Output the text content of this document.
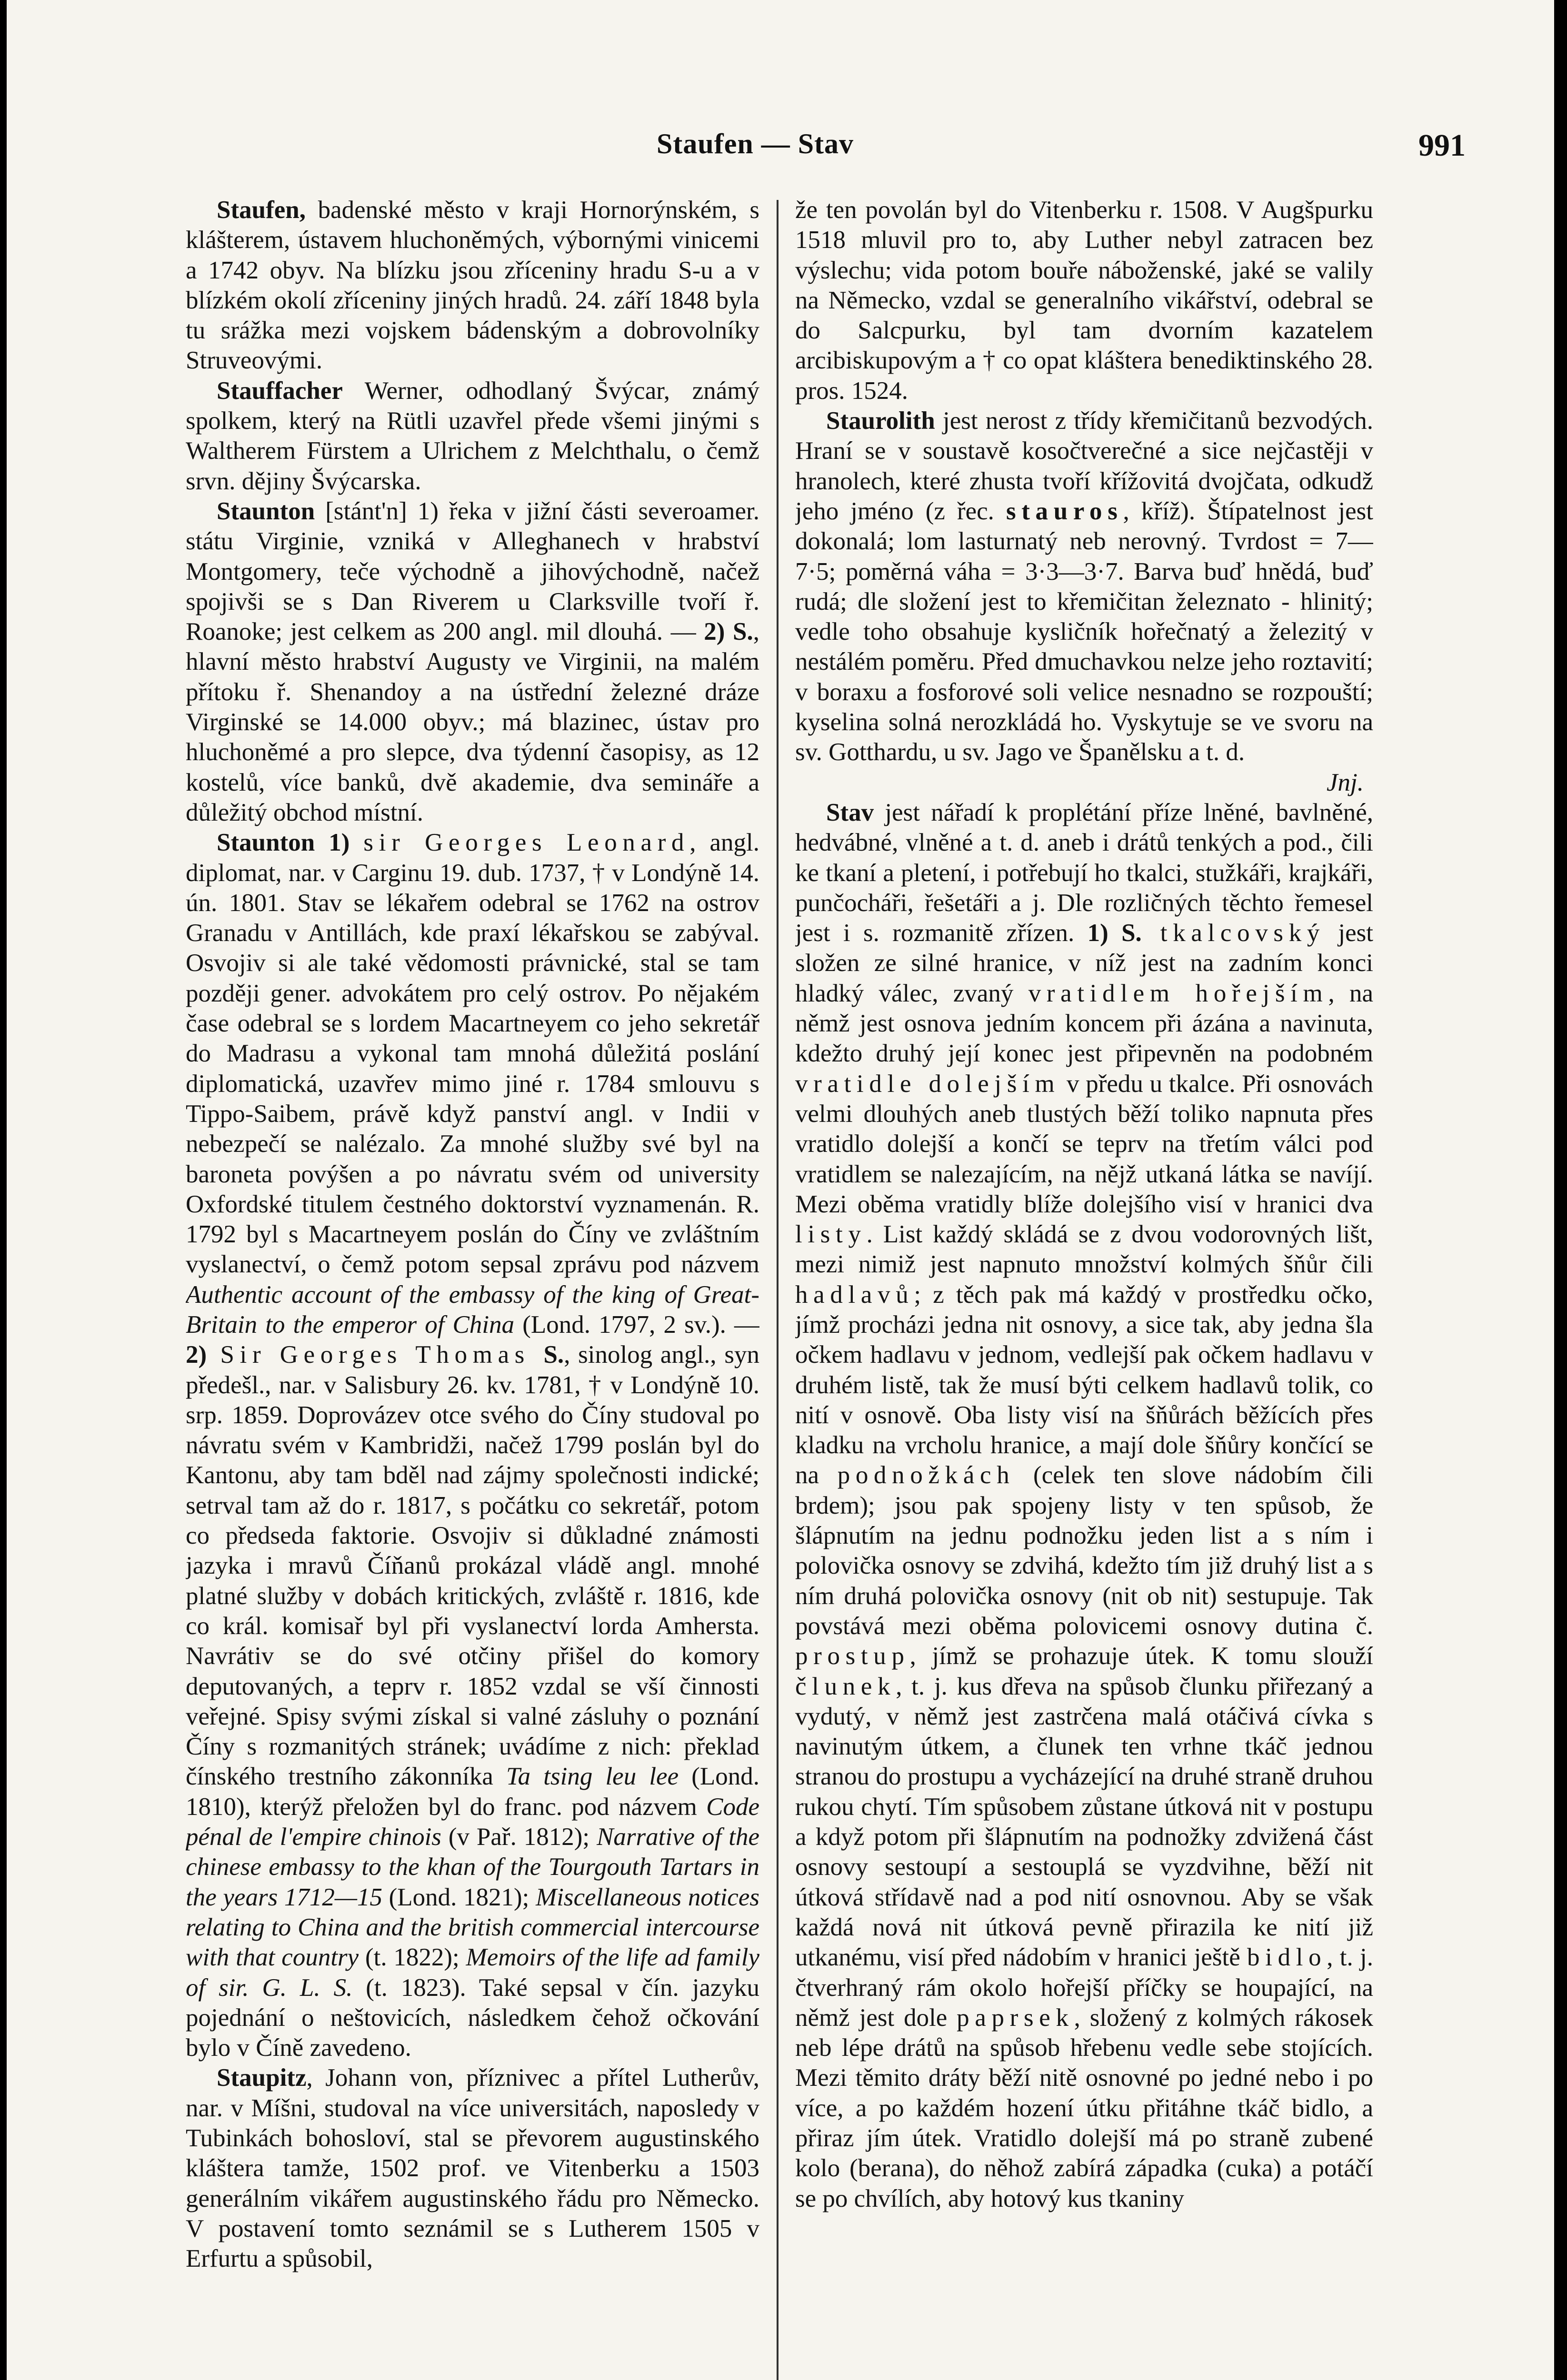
Staufen — Stav	991

Staufen, badenské město v kraji Hornorýnském, s klášterem, ústavem hluchoněmých, výbornými vinicemi a 1742 obyv. Na blízku jsou zříceniny hradu S-u a v blízkém okolí zříceniny jiných hradů. 24. září 1848 byla tu srážka mezi vojskem bádenským a dobrovolníky Struveovými.

Stauffacher Werner, odhodlaný Švýcar, známý spolkem, který na Rütli uzavřel přede všemi jinými s Waltherem Fürstem a Ulrichem z Melchthalu, o čemž srvn. dějiny Švýcarska.

Staunton [stánt'n] 1) řeka v jižní části severoamer. státu Virginie, vzniká v Alleghanech v hrabství Montgomery, teče východně a jihovýchodně, načež spojivši se s Dan Riverem u Clarksville tvoří ř. Roanoke; jest celkem as 200 angl. mil dlouhá. — 2) S., hlavní město hrabství Augusty ve Virginii, na malém přítoku ř. Shenandoy a na ústřední železné dráze Virginské se 14.000 obyv.; má blazinec, ústav pro hluchoněmé a pro slepce, dva týdenní časopisy, as 12 kostelů, více banků, dvě akademie, dva semináře a důležitý obchod místní.

Staunton 1) sir Georges Leonard, angl. diplomat, nar. v Carginu 19. dub. 1737, † v Londýně 14. ún. 1801. Stav se lékařem odebral se 1762 na ostrov Granadu v Antillách, kde praxí lékařskou se zabýval. Osvojiv si ale také vědomosti právnické, stal se tam později gener. advokátem pro celý ostrov. Po nějakém čase odebral se s lordem Macartneyem co jeho sekretář do Madrasu a vykonal tam mnohá důležitá poslání diplomatická, uzavřev mimo jiné r. 1784 smlouvu s Tippo-Saibem, právě když panství angl. v Indii v nebezpečí se nalézalo. Za mnohé služby své byl na baroneta povýšen a po návratu svém od university Oxfordské titulem čestného doktorství vyznamenán. R. 1792 byl s Macartneyem poslán do Číny ve zvláštním vyslanectví, o čemž potom sepsal zprávu pod názvem Authentic account of the embassy of the king of Great-Britain to the emperor of China (Lond. 1797, 2 sv.). — 2) Sir Georges Thomas S., sinolog angl., syn předešl., nar. v Salisbury 26. kv. 1781, † v Londýně 10. srp. 1859. Doprovázev otce svého do Číny studoval po návratu svém v Kambridži, načež 1799 poslán byl do Kantonu, aby tam bděl nad zájmy společnosti indické; setrval tam až do r. 1817, s počátku co sekretář, potom co předseda faktorie. Osvojiv si důkladné známosti jazyka i mravů Číňanů prokázal vládě angl. mnohé platné služby v dobách kritických, zvláště r. 1816, kde co král. komisař byl při vyslanectví lorda Amhersta. Navrátiv se do své otčiny přišel do komory deputovaných, a teprv r. 1852 vzdal se vší činnosti veřejné. Spisy svými získal si valné zásluhy o poznání Číny s rozmanitých stránek; uvádíme z nich: překlad čínského trestního zákonníka Ta tsing leu lee (Lond. 1810), kterýž přeložen byl do franc. pod názvem Code pénal de l'empire chinois (v Pař. 1812); Narrative of the chinese embassy to the khan of the Tourgouth Tartars in the years 1712—15 (Lond. 1821); Miscellaneous notices relating to China and the british commercial intercourse with that country (t. 1822); Memoirs of the life ad family of sir. G. L. S. (t. 1823). Také sepsal v čín. jazyku pojednání o neštovicích, následkem čehož očkování bylo v Číně zavedeno.

Staupitz, Johann von, příznivec a přítel Lutherův, nar. v Míšni, studoval na více universitách, naposledy v Tubinkách bohosloví, stal se převorem augustinského kláštera tamže, 1502 prof. ve Vitenberku a 1503 generálním vikářem augustinského řádu pro Německo. V postavení tomto seznámil se s Lutherem 1505 v Erfurtu a spůsobil,

že ten povolán byl do Vitenberku r. 1508. V Augšpurku 1518 mluvil pro to, aby Luther nebyl zatracen bez výslechu; vida potom bouře náboženské, jaké se valily na Německo, vzdal se generalního vikářství, odebral se do Salcpurku, byl tam dvorním kazatelem arcibiskupovým a † co opat kláštera benediktinského 28. pros. 1524.

Staurolith jest nerost z třídy křemičitanů bezvodých. Hraní se v soustavě kosočtverečné a sice nejčastěji v hranolech, které zhusta tvoří křížovitá dvojčata, odkudž jeho jméno (z řec. stauros, kříž). Štípatelnost jest dokonalá; lom lasturnatý neb nerovný. Tvrdost = 7—7·5; poměrná váha = 3·3—3·7. Barva buď hnědá, buď rudá; dle složení jest to křemičitan železnato - hlinitý; vedle toho obsahuje kysličník hořečnatý a železitý v nestálém poměru. Před dmuchavkou nelze jeho roztavití; v boraxu a fosforové soli velice nesnadno se rozpouští; kyselina solná nerozkládá ho. Vyskytuje se ve svoru na sv. Gotthardu, u sv. Jago ve Španělsku a t. d.

Jnj.

Stav jest nářadí k proplétání příze lněné, bavlněné, hedvábné, vlněné a t. d. aneb i drátů tenkých a pod., čili ke tkaní a pletení, i potřebují ho tkalci, stužkáři, krajkáři, punčocháři, řešetáři a j. Dle rozličných těchto řemesel jest i s. rozmanitě zřízen. 1) S. tkalcovský jest složen ze silné hranice, v níž jest na zadním konci hladký válec, zvaný vratidlem hořejším, na němž jest osnova jedním koncem při ázána a navinuta, kdežto druhý její konec jest připevněn na podobném vratidle dolejším v předu u tkalce. Při osnovách velmi dlouhých aneb tlustých běží toliko napnuta přes vratidlo dolejší a končí se teprv na třetím válci pod vratidlem se nalezajícím, na nějž utkaná látka se navíjí. Mezi oběma vratidly blíže dolejšího visí v hranici dva listy. List každý skládá se z dvou vodorovných lišt, mezi nimiž jest napnuto množství kolmých šňůr čili hadlavů; z těch pak má každý v prostředku očko, jímž procházi jedna nit osnovy, a sice tak, aby jedna šla očkem hadlavu v jednom, vedlejší pak očkem hadlavu v druhém listě, tak že musí býti celkem hadlavů tolik, co nití v osnově. Oba listy visí na šňůrách běžících přes kladku na vrcholu hranice, a mají dole šňůry končící se na podnožkách (celek ten slove nádobím čili brdem); jsou pak spojeny listy v ten spůsob, že šlápnutím na jednu podnožku jeden list a s ním i polovička osnovy se zdvihá, kdežto tím již druhý list a s ním druhá polovička osnovy (nit ob nit) sestupuje. Tak povstává mezi oběma polovicemi osnovy dutina č. prostup, jímž se prohazuje útek. K tomu slouží člunek, t. j. kus dřeva na spůsob člunku přiřezaný a vydutý, v němž jest zastrčena malá otáčivá cívka s navinutým útkem, a člunek ten vrhne tkáč jednou stranou do prostupu a vycházející na druhé straně druhou rukou chytí. Tím spůsobem zůstane útková nit v postupu a když potom při šlápnutím na podnožky zdvižená část osnovy sestoupí a sestouplá se vyzdvihne, běží nit útková střídavě nad a pod nití osnovnou. Aby se však každá nová nit útková pevně přirazila ke nití již utkanému, visí před nádobím v hranici ještě bidlo, t. j. čtverhraný rám okolo hořejší příčky se houpající, na němž jest dole paprsek, složený z kolmých rákosek neb lépe drátů na spůsob hřebenu vedle sebe stojících. Mezi těmito dráty běží nitě osnovné po jedné nebo i po více, a po každém hození útku přitáhne tkáč bidlo, a přiraz jím útek. Vratidlo dolejší má po straně zubené kolo (berana), do něhož zabírá západka (cuka) a potáčí se po chvílích, aby hotový kus tkaniny
